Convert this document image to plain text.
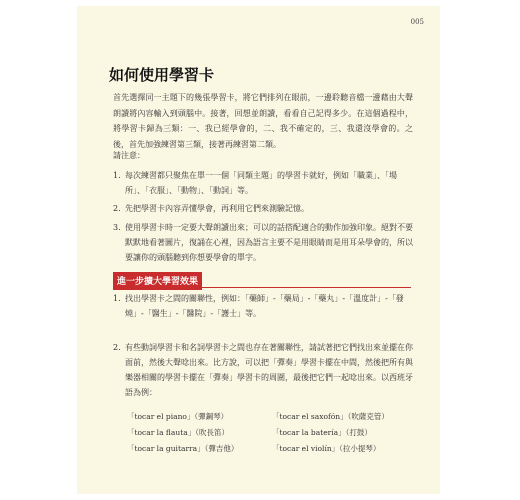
005
如何使用學習卡

首先選擇同一主題下的幾張學習卡，將它們排列在眼前，一邊聆聽音檔一邊藉由大聲朗讀將內容輸入到頭腦中。接著，回想並朗讀，看看自己記得多少。在這個過程中，將學習卡歸為三類：一、我已經學會的，二、我不確定的，三、我還沒學會的。之後，首先加強練習第三類，接著再練習第二類。

請注意：

1. 每次練習都只聚焦在單一一個「同類主題」的學習卡就好，例如「職業」、「場所」、「衣服」、「動物」、「動詞」等。
2. 先把學習卡內容弄懂學會，再利用它們來測驗記憶。
3. 使用學習卡時一定要大聲朗讀出來；可以的話搭配適合的動作加強印象。絕對不要默默地看著圖片，復誦在心裡，因為語言主要不是用眼睛而是用耳朵學會的，所以要讓你的頭腦聽到你想要學會的單字。
進一步擴大學習效果
1. 找出學習卡之間的關聯性，例如：「藥師」-「藥局」-「藥丸」-「溫度計」-「發燒」-「醫生」-「醫院」-「護士」等。
2. 有些動詞學習卡和名詞學習卡之間也存在著關聯性，請試著把它們找出來並擺在你面前，然後大聲唸出來。比方說，可以把「彈奏」學習卡擺在中間，然後把所有與樂器相關的學習卡擺在「彈奏」學習卡的周圍，最後把它們一起唸出來。以西班牙語為例：
「tocar el piano」（彈鋼琴）	「tocar el saxofón」（吹薩克管）
「tocar la flauta」（吹長笛）	「tocar la batería」（打鼓）
「tocar la guitarra」（彈吉他）	「tocar el violín」（拉小提琴）
